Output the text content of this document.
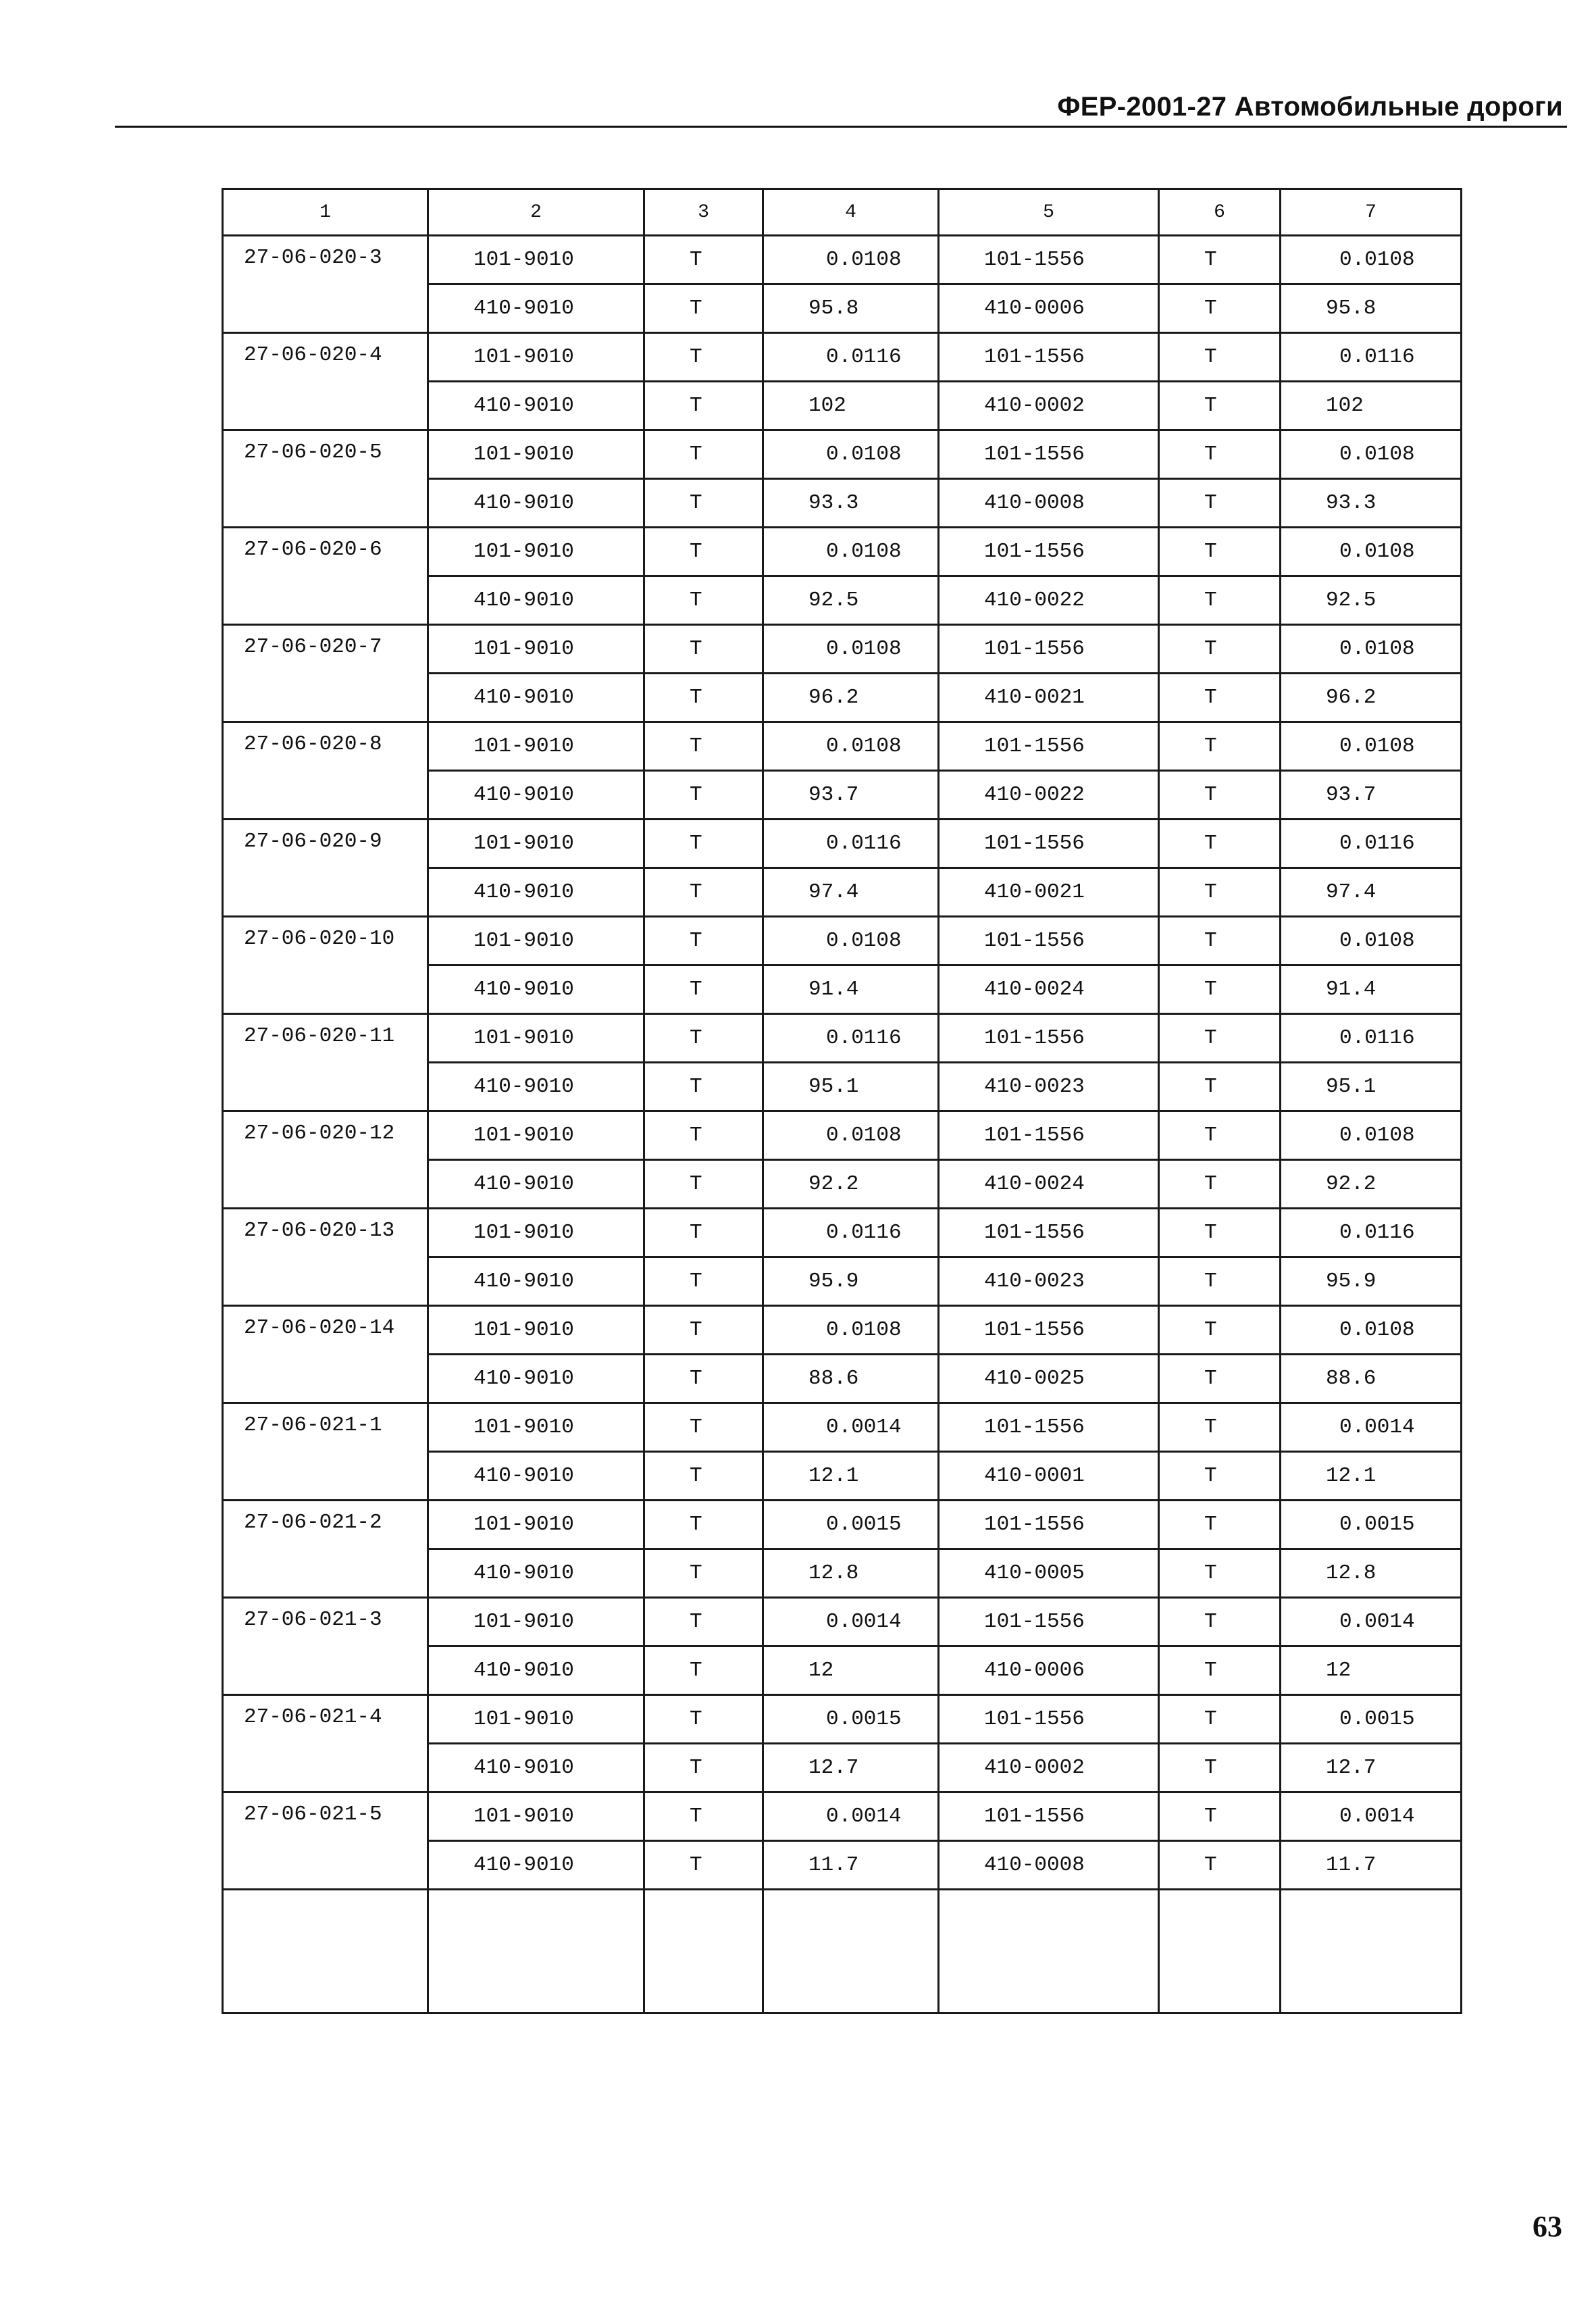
ФЕР-2001-27 Автомобильные дороги
1	2	3	4	5	6	7
27-06-020-3	101-9010	Т	0.0108	101-1556	Т	0.0108
	410-9010	Т	95.8	410-0006	Т	95.8
27-06-020-4	101-9010	Т	0.0116	101-1556	Т	0.0116
	410-9010	Т	102	410-0002	Т	102
27-06-020-5	101-9010	Т	0.0108	101-1556	Т	0.0108
	410-9010	Т	93.3	410-0008	Т	93.3
27-06-020-6	101-9010	Т	0.0108	101-1556	Т	0.0108
	410-9010	Т	92.5	410-0022	Т	92.5
27-06-020-7	101-9010	Т	0.0108	101-1556	Т	0.0108
	410-9010	Т	96.2	410-0021	Т	96.2
27-06-020-8	101-9010	Т	0.0108	101-1556	Т	0.0108
	410-9010	Т	93.7	410-0022	Т	93.7
27-06-020-9	101-9010	Т	0.0116	101-1556	Т	0.0116
	410-9010	Т	97.4	410-0021	Т	97.4
27-06-020-10	101-9010	Т	0.0108	101-1556	Т	0.0108
	410-9010	Т	91.4	410-0024	Т	91.4
27-06-020-11	101-9010	Т	0.0116	101-1556	Т	0.0116
	410-9010	Т	95.1	410-0023	Т	95.1
27-06-020-12	101-9010	Т	0.0108	101-1556	Т	0.0108
	410-9010	Т	92.2	410-0024	Т	92.2
27-06-020-13	101-9010	Т	0.0116	101-1556	Т	0.0116
	410-9010	Т	95.9	410-0023	Т	95.9
27-06-020-14	101-9010	Т	0.0108	101-1556	Т	0.0108
	410-9010	Т	88.6	410-0025	Т	88.6
27-06-021-1	101-9010	Т	0.0014	101-1556	Т	0.0014
	410-9010	Т	12.1	410-0001	Т	12.1
27-06-021-2	101-9010	Т	0.0015	101-1556	Т	0.0015
	410-9010	Т	12.8	410-0005	Т	12.8
27-06-021-3	101-9010	Т	0.0014	101-1556	Т	0.0014
	410-9010	Т	12	410-0006	Т	12
27-06-021-4	101-9010	Т	0.0015	101-1556	Т	0.0015
	410-9010	Т	12.7	410-0002	Т	12.7
27-06-021-5	101-9010	Т	0.0014	101-1556	Т	0.0014
	410-9010	Т	11.7	410-0008	Т	11.7

63
